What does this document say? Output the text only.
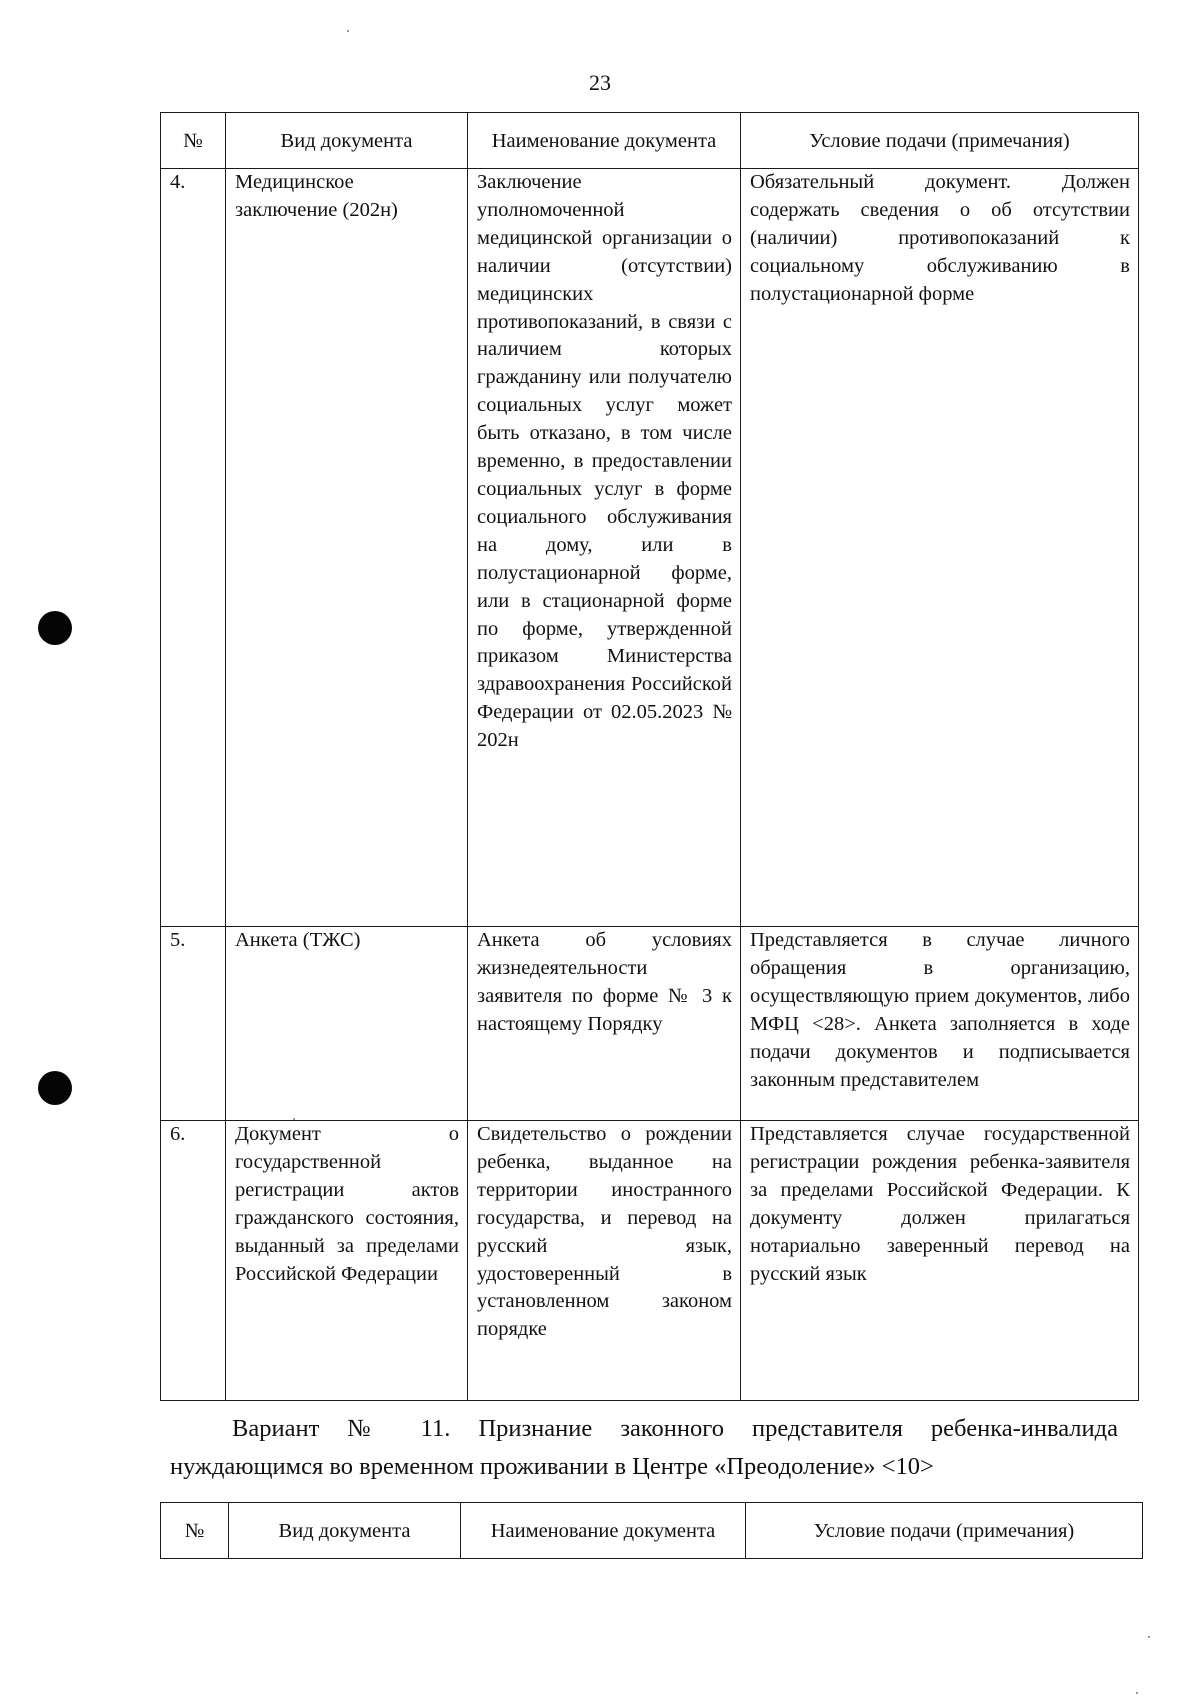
23
№	Вид документа	Наименование документа	Условие подачи (примечания)
4.	Медицинское заключение (202н)	Заключение уполномоченной медицинской организации о наличии (отсутствии) медицинских противопоказаний, в связи с наличием которых гражданину или получателю социальных услуг может быть отказано, в том числе временно, в предоставлении социальных услуг в форме социального обслуживания на дому, или в полустационарной форме, или в стационарной форме по форме, утвержденной приказом Министерства здравоохранения Российской Федерации от 02.05.2023 № 202н	Обязательный документ. Должен содержать сведения о об отсутствии (наличии) противопоказаний к социальному обслуживанию в полустационарной форме
5.	Анкета (ТЖС)	Анкета об условиях жизнедеятельности заявителя по форме № 3 к настоящему Порядку	Представляется в случае личного обращения в организацию, осуществляющую прием документов, либо МФЦ <28>. Анкета заполняется в ходе подачи документов и подписывается законным представителем
6.	Документ о государственной регистрации актов гражданского состояния, выданный за пределами Российской Федерации	Свидетельство о рождении ребенка, выданное на территории иностранного государства, и перевод на русский язык, удостоверенный в установленном законом порядке	Представляется случае государственной регистрации рождения ребенка-заявителя за пределами Российской Федерации. К документу должен прилагаться нотариально заверенный перевод на русский язык
Вариант № 11. Признание законного представителя ребенка-инвалида нуждающимся во временном проживании в Центре «Преодоление» <10>
№	Вид документа	Наименование документа	Условие подачи (примечания)
